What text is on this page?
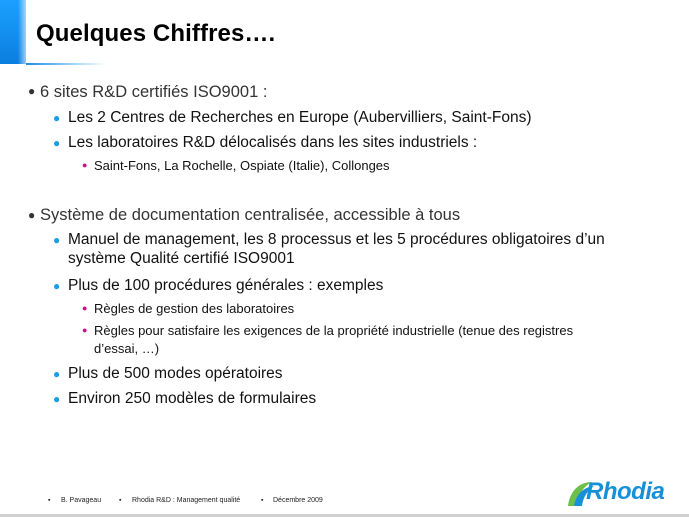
Quelques Chiffres….
● 6 sites R&D certifiés ISO9001 :
● Les 2 Centres de Recherches en Europe (Aubervilliers, Saint-Fons)
● Les laboratoires R&D délocalisés dans les sites industriels :
● Saint-Fons, La Rochelle, Ospiate (Italie), Collonges
● Système de documentation centralisée, accessible à tous
● Manuel de management, les 8 processus et les 5 procédures obligatoires d’un
système Qualité certifié ISO9001
● Plus de 100 procédures générales : exemples
● Règles de gestion des laboratoires
● Règles pour satisfaire les exigences de la propriété industrielle (tenue des registres
d’essai, …)
● Plus de 500 modes opératoires
● Environ 250 modèles de formulaires
▪ B. Pavageau	▪ Rhodia R&D : Management qualité	▪ Décembre 2009	Rhodia
